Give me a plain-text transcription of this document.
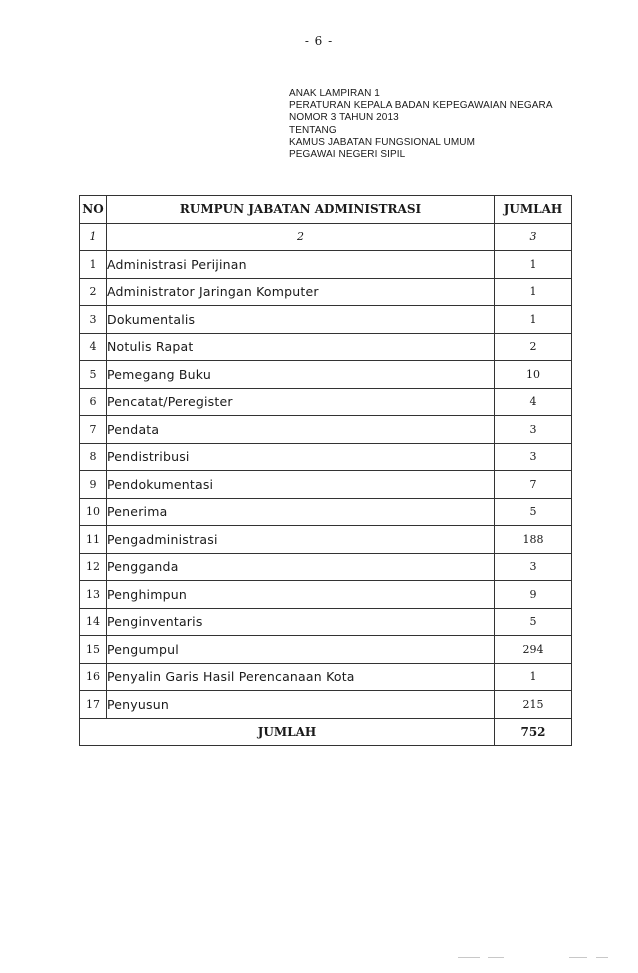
- 6 -
ANAK LAMPIRAN 1
PERATURAN KEPALA BADAN KEPEGAWAIAN NEGARA
NOMOR 3 TAHUN 2013
TENTANG
KAMUS JABATAN FUNGSIONAL UMUM
PEGAWAI NEGERI SIPIL
NO	RUMPUN JABATAN ADMINISTRASI	JUMLAH
1	2	3
1	Administrasi Perijinan	1
2	Administrator Jaringan Komputer	1
3	Dokumentalis	1
4	Notulis Rapat	2
5	Pemegang Buku	10
6	Pencatat/Peregister	4
7	Pendata	3
8	Pendistribusi	3
9	Pendokumentasi	7
10	Penerima	5
11	Pengadministrasi	188
12	Pengganda	3
13	Penghimpun	9
14	Penginventaris	5
15	Pengumpul	294
16	Penyalin Garis Hasil Perencanaan Kota	1
17	Penyusun	215
JUMLAH		752
